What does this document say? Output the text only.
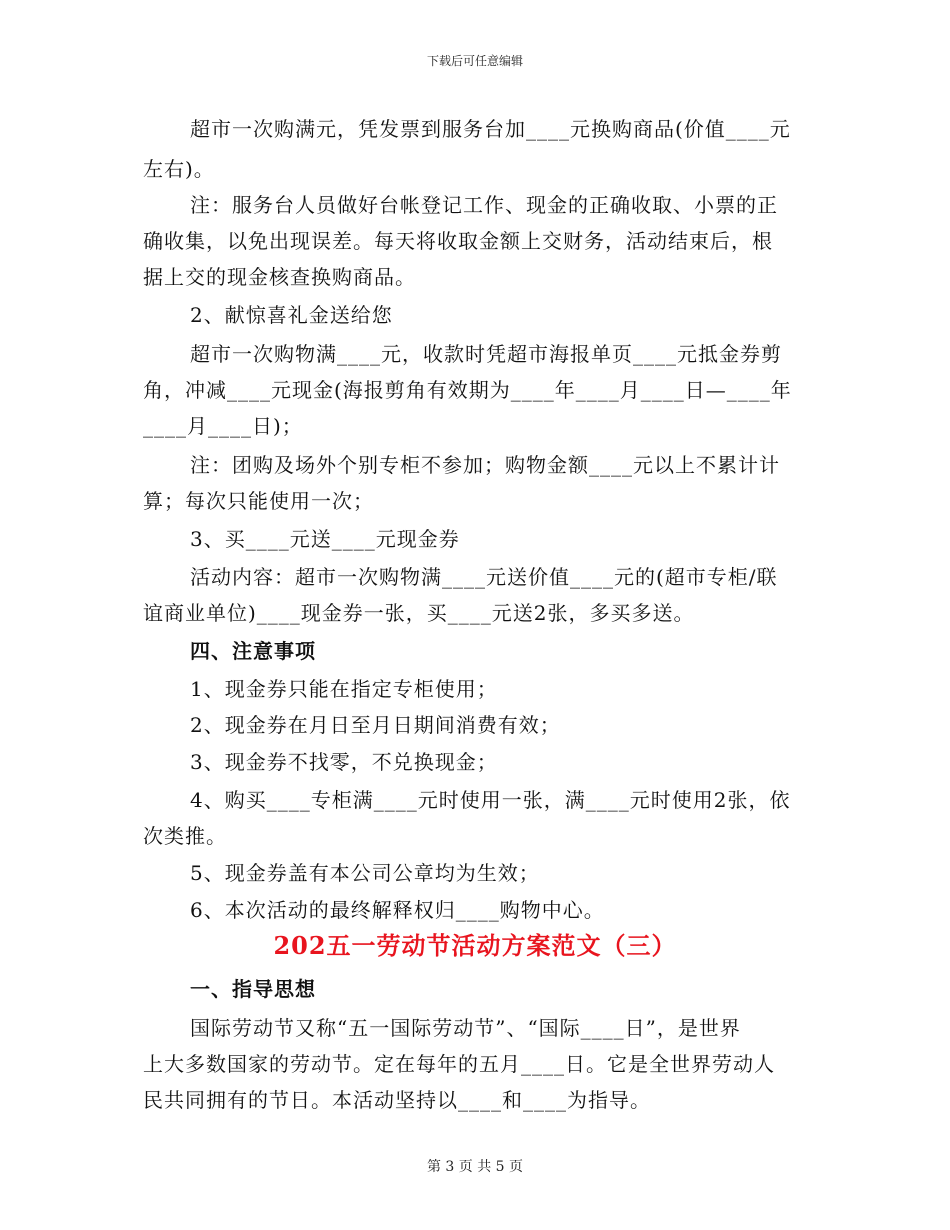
下载后可任意编辑
超市一次购满元，凭发票到服务台加____元换购商品(价值____元
左右)。
注：服务台人员做好台帐登记工作、现金的正确收取、小票的正
确收集，以免出现误差。每天将收取金额上交财务，活动结束后，根
据上交的现金核查换购商品。
2、献惊喜礼金送给您
超市一次购物满____元，收款时凭超市海报单页____元抵金券剪
角，冲减____元现金(海报剪角有效期为____年____月____日—____年
____月____日)；
注：团购及场外个别专柜不参加；购物金额____元以上不累计计
算；每次只能使用一次；
3、买____元送____元现金券
活动内容：超市一次购物满____元送价值____元的(超市专柜/联
谊商业单位)____现金券一张，买____元送2张，多买多送。
四、注意事项
1、现金券只能在指定专柜使用；
2、现金券在月日至月日期间消费有效；
3、现金券不找零，不兑换现金；
4、购买____专柜满____元时使用一张，满____元时使用2张，依
次类推。
5、现金券盖有本公司公章均为生效；
6、本次活动的最终解释权归____购物中心。
202五一劳动节活动方案范文（三）
一、指导思想
国际劳动节又称“五一国际劳动节”、“国际____日”，是世界
上大多数国家的劳动节。定在每年的五月____日。它是全世界劳动人
民共同拥有的节日。本活动坚持以____和____为指导。
第 3 页 共 5 页
